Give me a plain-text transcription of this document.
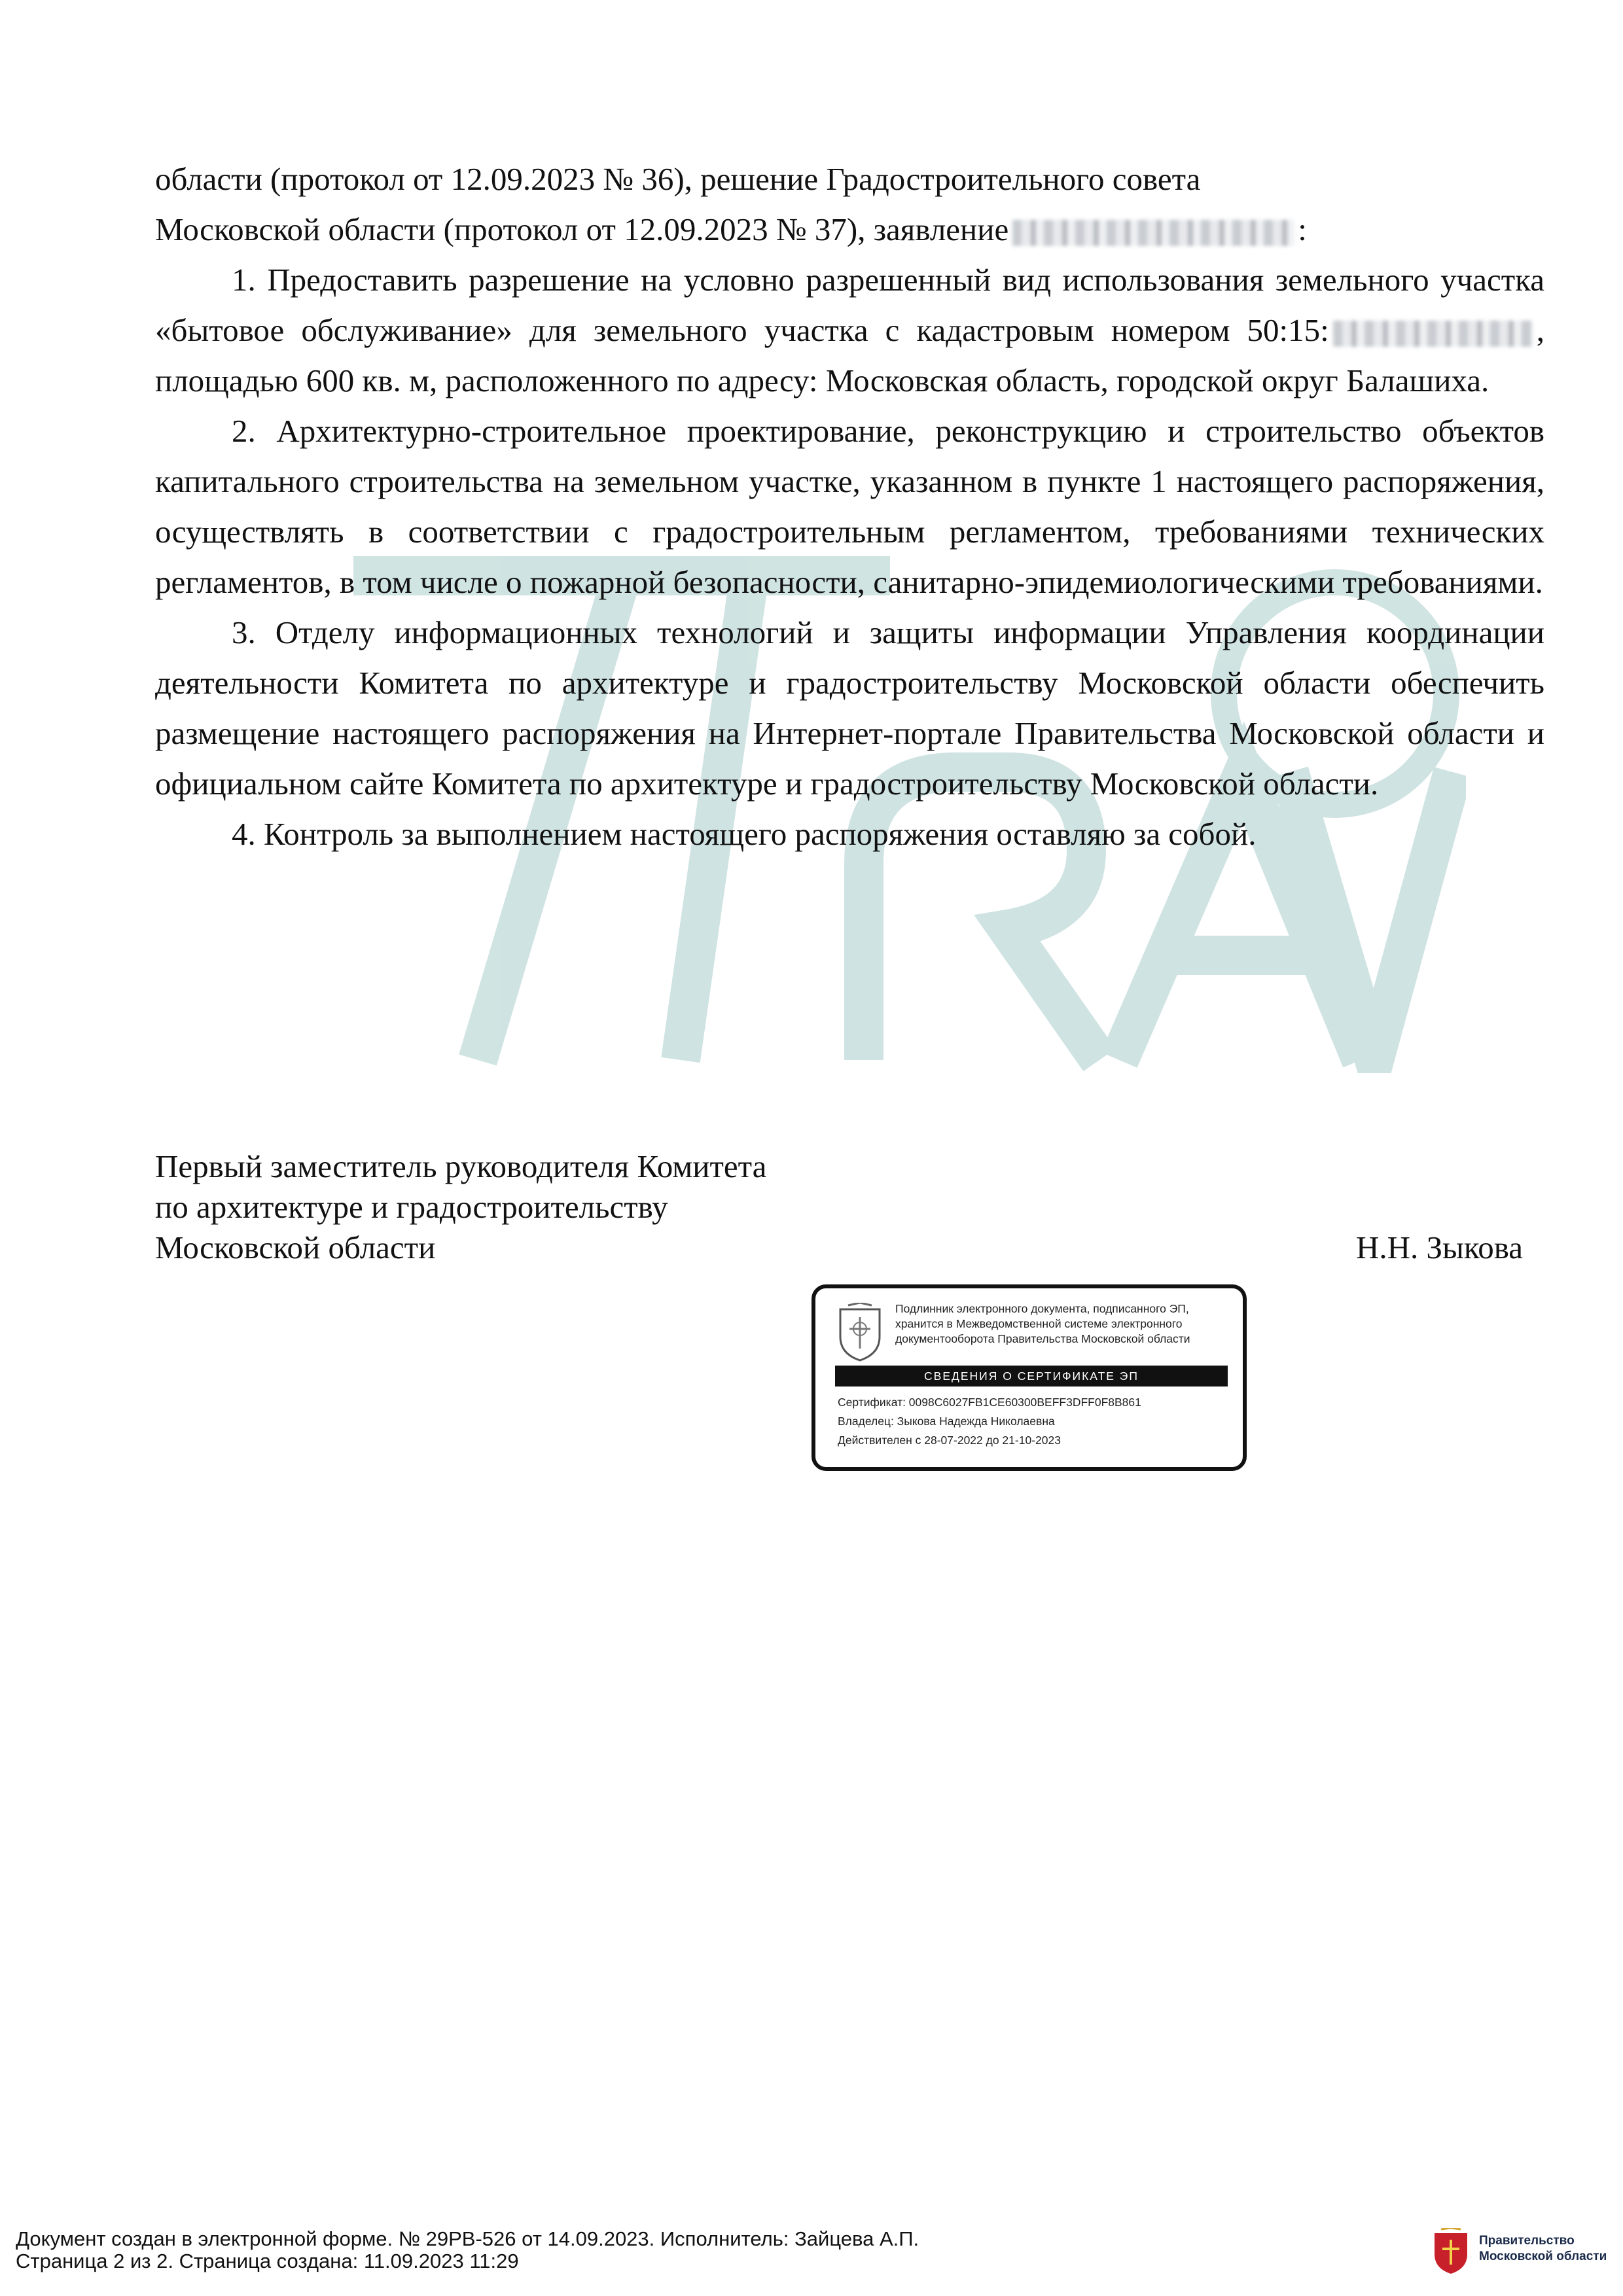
области (протокол от 12.09.2023 № 36), решение Градостроительного совета
Московской области (протокол от 12.09.2023 № 37), заявление	:

1. Предоставить разрешение на условно разрешенный вид использования земельного участка «бытовое обслуживание» для земельного участка с кадастровым номером 50:15:	, площадью 600 кв. м, расположенного по адресу: Московская область, городской округ Балашиха.

2. Архитектурно-строительное проектирование, реконструкцию и строительство объектов капитального строительства на земельном участке, указанном в пункте 1 настоящего распоряжения, осуществлять в соответствии с градостроительным регламентом, требованиями технических регламентов, в том числе о пожарной безопасности, санитарно-эпидемиологическими требованиями.

3. Отделу информационных технологий и защиты информации Управления координации деятельности Комитета по архитектуре и градостроительству Московской области обеспечить размещение настоящего распоряжения на Интернет-портале Правительства Московской области и официальном сайте Комитета по архитектуре и градостроительству Московской области.

4. Контроль за выполнением настоящего распоряжения оставляю за собой.

Первый заместитель руководителя Комитета
по архитектуре и градостроительству
Московской области	Н.Н. Зыкова
Подлинник электронного документа, подписанного ЭП,
хранится в Межведомственной системе электронного
документооборота Правительства Московской области
СВЕДЕНИЯ О СЕРТИФИКАТЕ ЭП
Сертификат: 0098C6027FB1CE60300BEFF3DFF0F8B861
Владелец: Зыкова Надежда Николаевна
Действителен с 28-07-2022 до 21-10-2023
Документ создан в электронной форме. № 29РВ-526 от 14.09.2023. Исполнитель: Зайцева А.П.
Страница 2 из 2. Страница создана: 11.09.2023 11:29
Правительство
Московской области
